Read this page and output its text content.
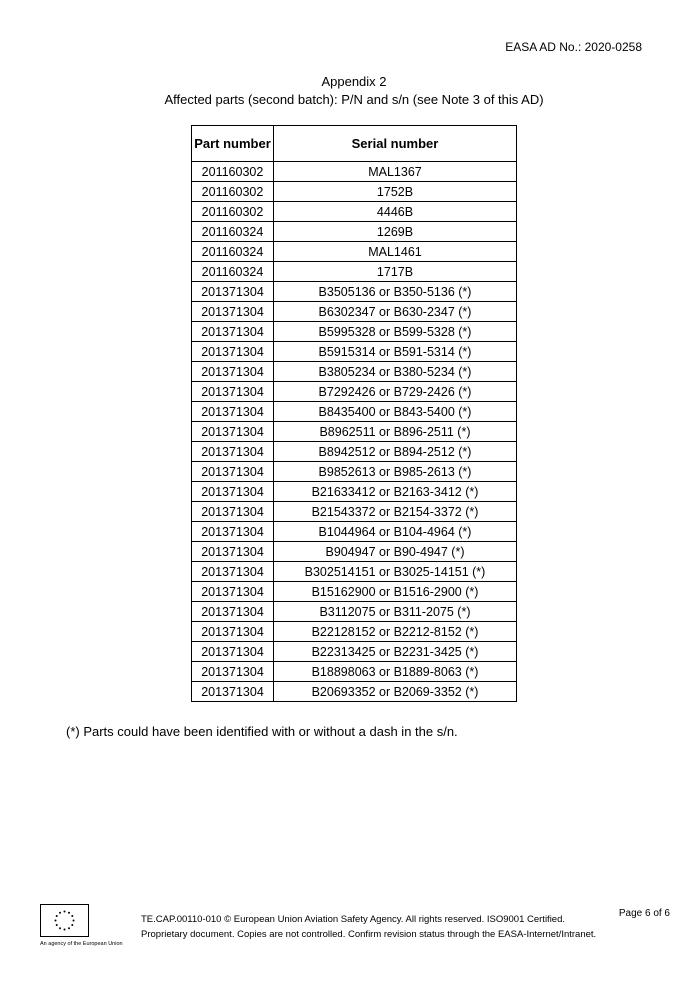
EASA AD No.: 2020-0258
Appendix 2
Affected parts (second batch): P/N and s/n (see Note 3 of this AD)
Part number	Serial number
201160302	MAL1367
201160302	1752B
201160302	4446B
201160324	1269B
201160324	MAL1461
201160324	1717B
201371304	B3505136 or B350-5136 (*)
201371304	B6302347 or B630-2347 (*)
201371304	B5995328 or B599-5328 (*)
201371304	B5915314 or B591-5314 (*)
201371304	B3805234 or B380-5234 (*)
201371304	B7292426 or B729-2426 (*)
201371304	B8435400 or B843-5400 (*)
201371304	B8962511 or B896-2511 (*)
201371304	B8942512 or B894-2512 (*)
201371304	B9852613 or B985-2613 (*)
201371304	B21633412 or B2163-3412 (*)
201371304	B21543372 or B2154-3372 (*)
201371304	B1044964 or B104-4964 (*)
201371304	B904947 or B90-4947 (*)
201371304	B302514151 or B3025-14151 (*)
201371304	B15162900 or B1516-2900 (*)
201371304	B3112075 or B311-2075 (*)
201371304	B22128152 or B2212-8152 (*)
201371304	B22313425 or B2231-3425 (*)
201371304	B18898063 or B1889-8063 (*)
201371304	B20693352 or B2069-3352 (*)
(*) Parts could have been identified with or without a dash in the s/n.
An agency of the European Union
TE.CAP.00110-010 © European Union Aviation Safety Agency. All rights reserved. ISO9001 Certified.
Proprietary document. Copies are not controlled. Confirm revision status through the EASA-Internet/Intranet.
Page 6 of 6
